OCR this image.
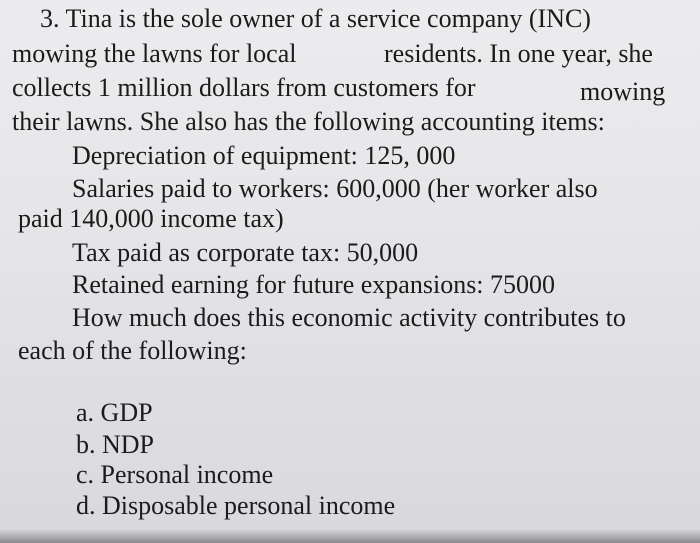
3. Tina is the sole owner of a service company (INC)
mowing the lawns for local	residents. In one year, she
collects 1 million dollars from customers for	mowing
their lawns. She also has the following accounting items:
Depreciation of equipment: 125, 000
Salaries paid to workers: 600,000 (her worker also
paid 140,000 income tax)
Tax paid as corporate tax: 50,000
Retained earning for future expansions: 75000
How much does this economic activity contributes to
each of the following:
a. GDP
b. NDP
c. Personal income
d. Disposable personal income
